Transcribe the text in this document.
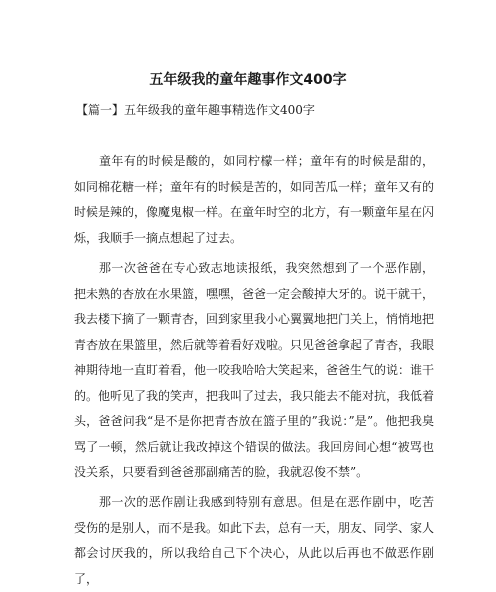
五年级我的童年趣事作文400字
【篇一】五年级我的童年趣事精选作文400字

童年有的时候是酸的，如同柠檬一样；童年有的时候是甜的，如同棉花糖一样；童年有的时候是苦的，如同苦瓜一样；童年又有的时候是辣的，像魔鬼椒一样。在童年时空的北方，有一颗童年星在闪烁，我顺手一摘点想起了过去。

那一次爸爸在专心致志地读报纸，我突然想到了一个恶作剧，把未熟的杏放在水果篮，嘿嘿，爸爸一定会酸掉大牙的。说干就干，我去楼下摘了一颗青杏，回到家里我小心翼翼地把门关上，悄悄地把青杏放在果篮里，然后就等着看好戏啦。只见爸爸拿起了青杏，我眼神期待地一直盯着看，他一咬我哈哈大笑起来，爸爸生气的说：谁干的。他听见了我的笑声，把我叫了过去，我只能去不能对抗，我低着头，爸爸问我“是不是你把青杏放在篮子里的”我说：”是”。他把我臭骂了一顿，然后就让我改掉这个错误的做法。我回房间心想“被骂也没关系，只要看到爸爸那副痛苦的脸，我就忍俊不禁”。

那一次的恶作剧让我感到特别有意思。但是在恶作剧中，吃苦受伤的是别人，而不是我。如此下去，总有一天，朋友、同学、家人都会讨厌我的，所以我给自己下个决心，从此以后再也不做恶作剧了，
